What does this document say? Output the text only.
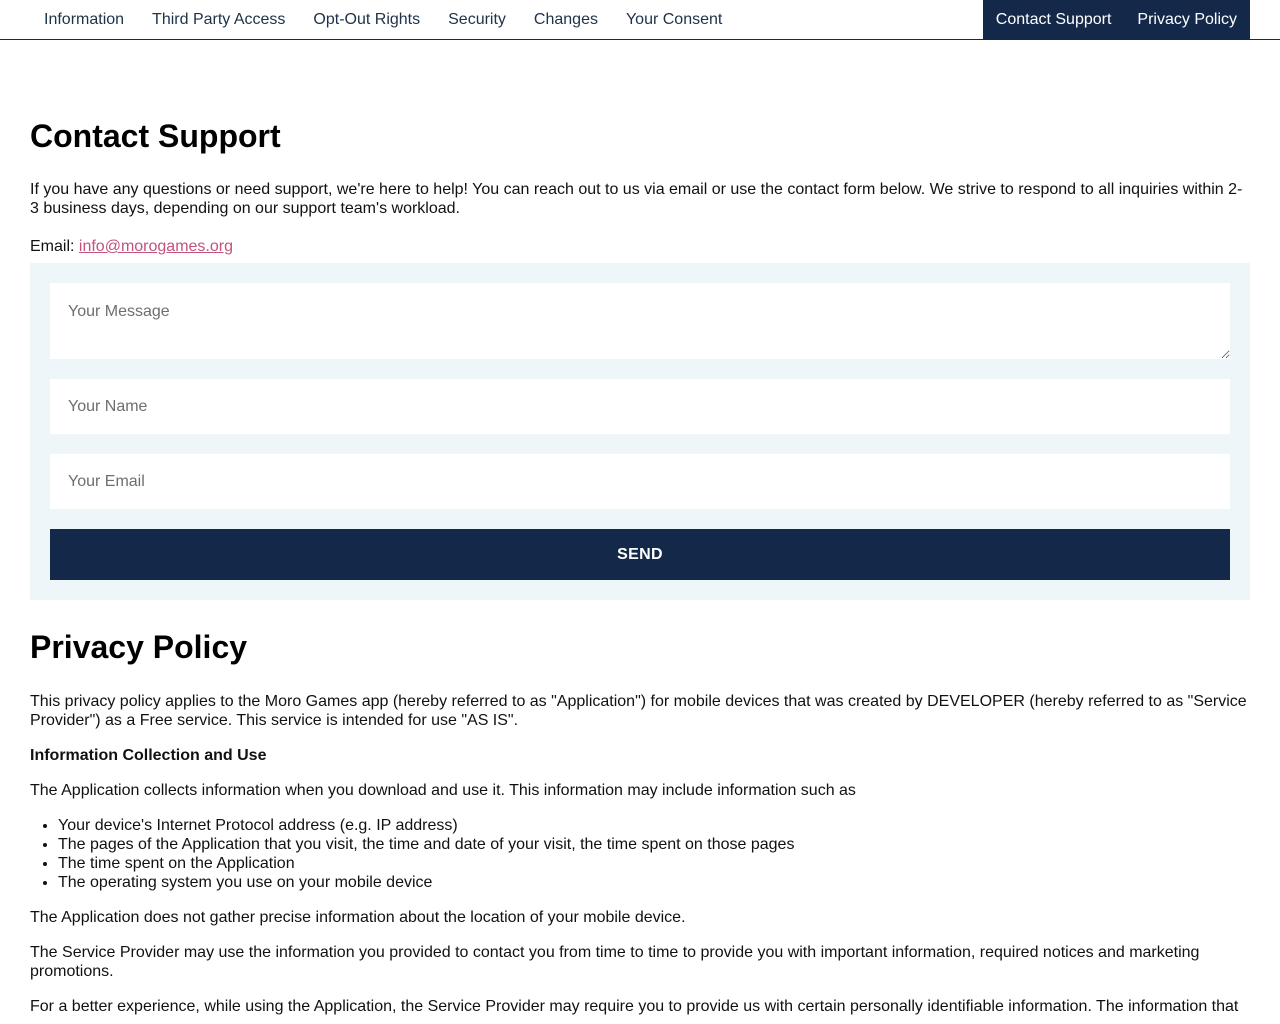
Information	Third Party Access	Opt-Out Rights	Security	Changes	Your Consent	Contact Support	Privacy Policy
Contact Support

If you have any questions or need support, we're here to help! You can reach out to us via email or use the contact form below. We strive to respond to all inquiries within 2-3 business days, depending on our support team's workload.

Email: info@morogames.org

Your Message
Your Name
Your Email
SEND
Privacy Policy

This privacy policy applies to the Moro Games app (hereby referred to as "Application") for mobile devices that was created by DEVELOPER (hereby referred to as "Service Provider") as a Free service. This service is intended for use "AS IS".

Information Collection and Use

The Application collects information when you download and use it. This information may include information such as

• Your device's Internet Protocol address (e.g. IP address)
• The pages of the Application that you visit, the time and date of your visit, the time spent on those pages
• The time spent on the Application
• The operating system you use on your mobile device

The Application does not gather precise information about the location of your mobile device.

The Service Provider may use the information you provided to contact you from time to time to provide you with important information, required notices and marketing promotions.

For a better experience, while using the Application, the Service Provider may require you to provide us with certain personally identifiable information. The information that
